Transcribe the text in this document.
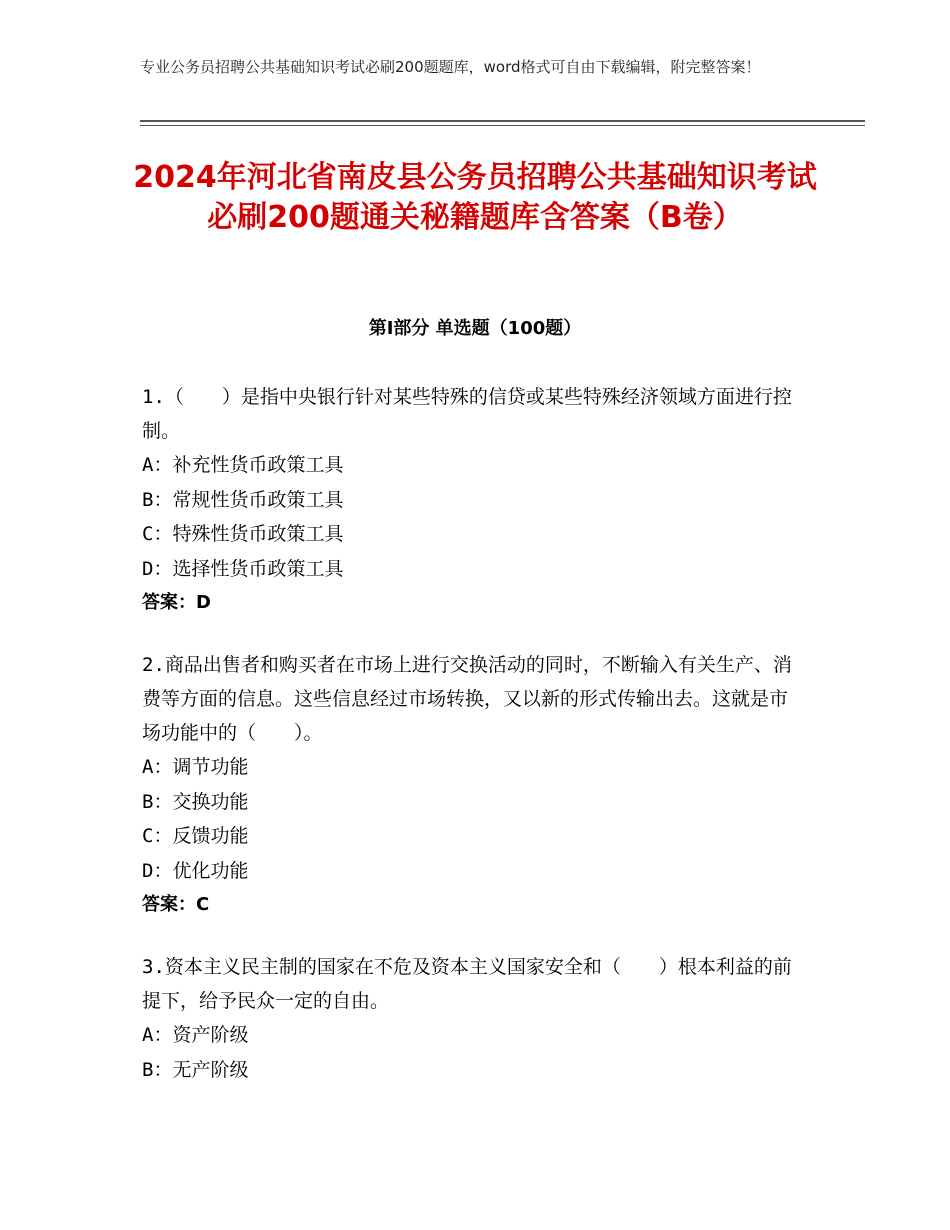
专业公务员招聘公共基础知识考试必刷200题题库，word格式可自由下载编辑，附完整答案！
2024年河北省南皮县公务员招聘公共基础知识考试必刷200题通关秘籍题库含答案（B卷）
第Ⅰ部分 单选题（100题）
1.（　　）是指中央银行针对某些特殊的信贷或某些特殊经济领域方面进行控制。
A：补充性货币政策工具
B：常规性货币政策工具
C：特殊性货币政策工具
D：选择性货币政策工具
答案：D
2.商品出售者和购买者在市场上进行交换活动的同时，不断输入有关生产、消费等方面的信息。这些信息经过市场转换，又以新的形式传输出去。这就是市场功能中的（　　）。
A：调节功能
B：交换功能
C：反馈功能
D：优化功能
答案：C
3.资本主义民主制的国家在不危及资本主义国家安全和（　　）根本利益的前提下，给予民众一定的自由。
A：资产阶级
B：无产阶级
